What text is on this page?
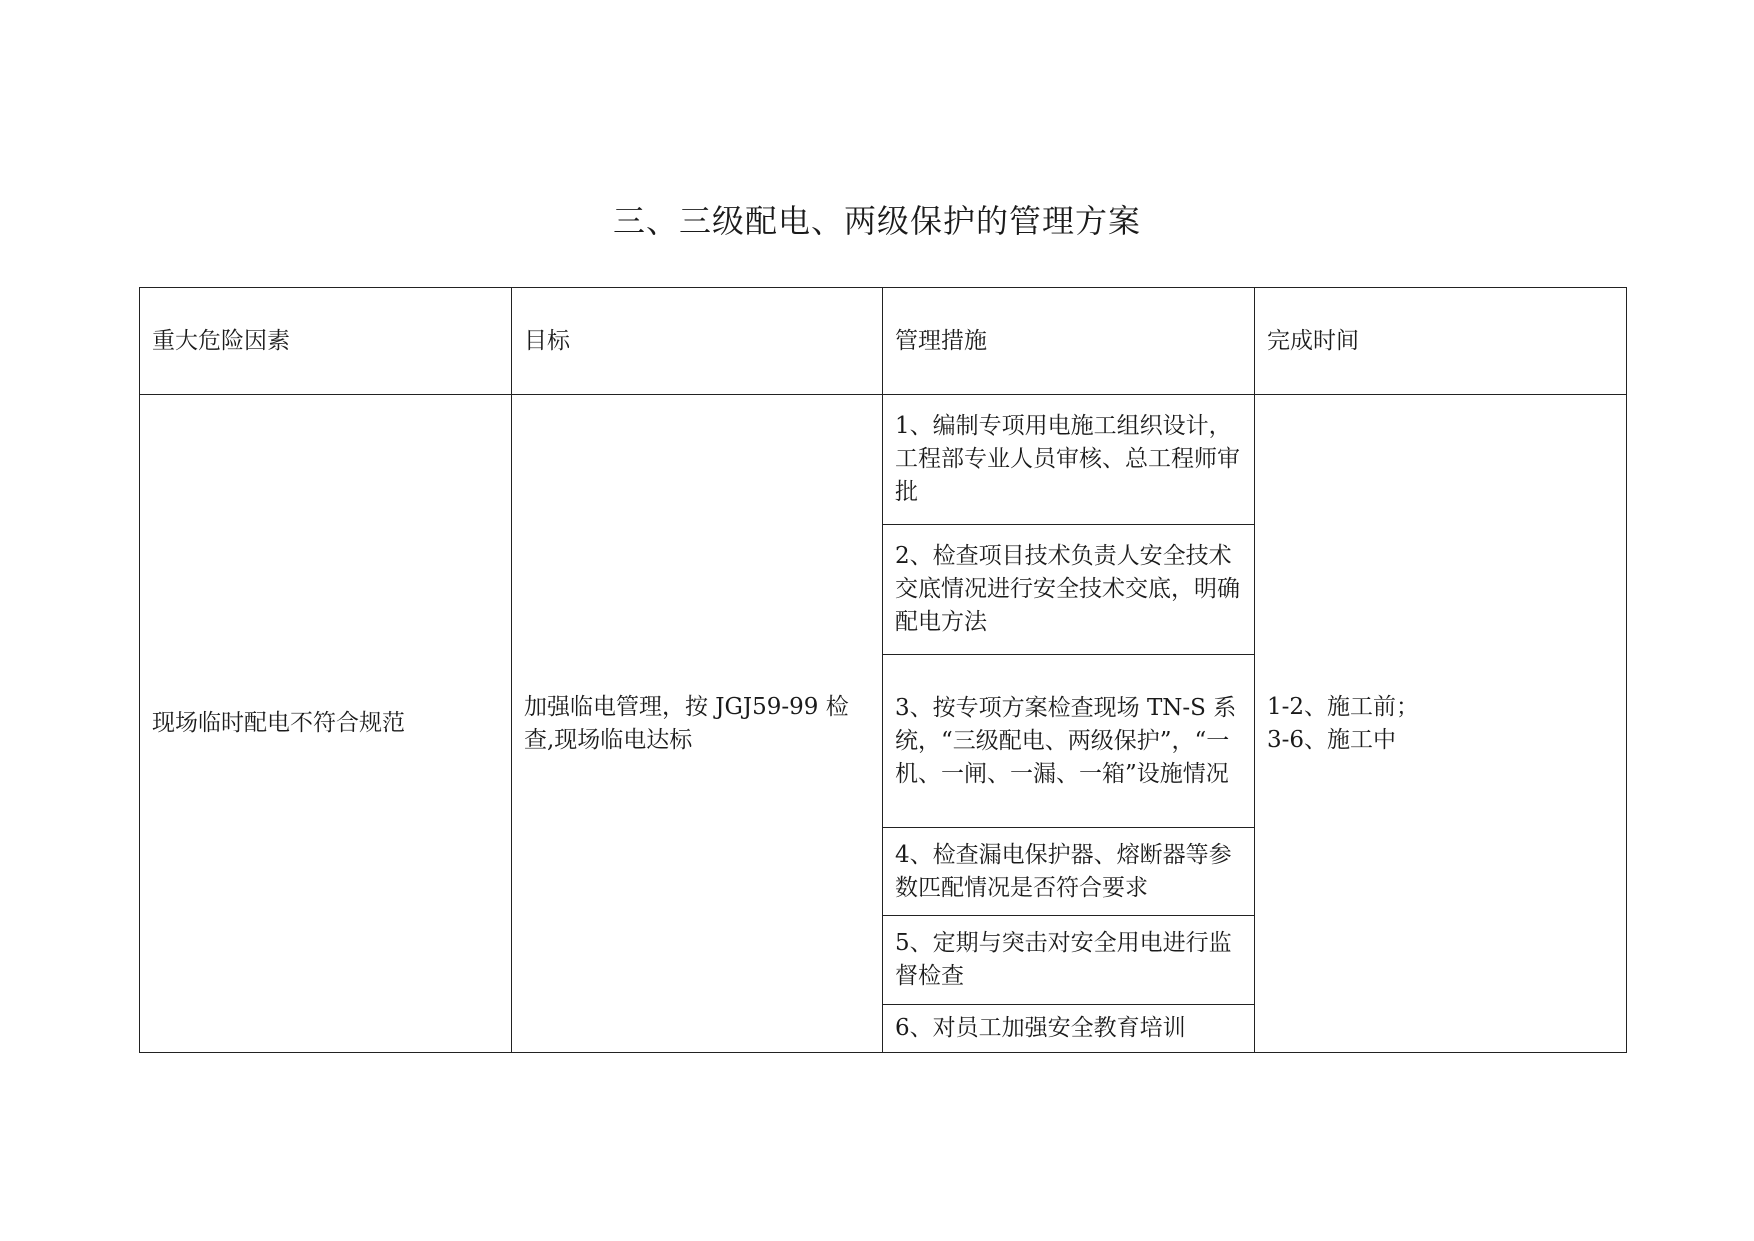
三、三级配电、两级保护的管理方案
重大危险因素	目标	管理措施	完成时间
现场临时配电不符合规范	加强临电管理，按 JGJ59-99 检查,现场临电达标	1、编制专项用电施工组织设计，工程部专业人员审核、总工程师审批	1-2、施工前；
3-6、施工中

		2、检查项目技术负责人安全技术交底情况进行安全技术交底，明确配电方法	
		3、按专项方案检查现场 TN-S 系统，“三级配电、两级保护”，“一机、一闸、一漏、一箱”设施情况	
		4、检查漏电保护器、熔断器等参数匹配情况是否符合要求	
		5、定期与突击对安全用电进行监督检查	
		6、对员工加强安全教育培训	
